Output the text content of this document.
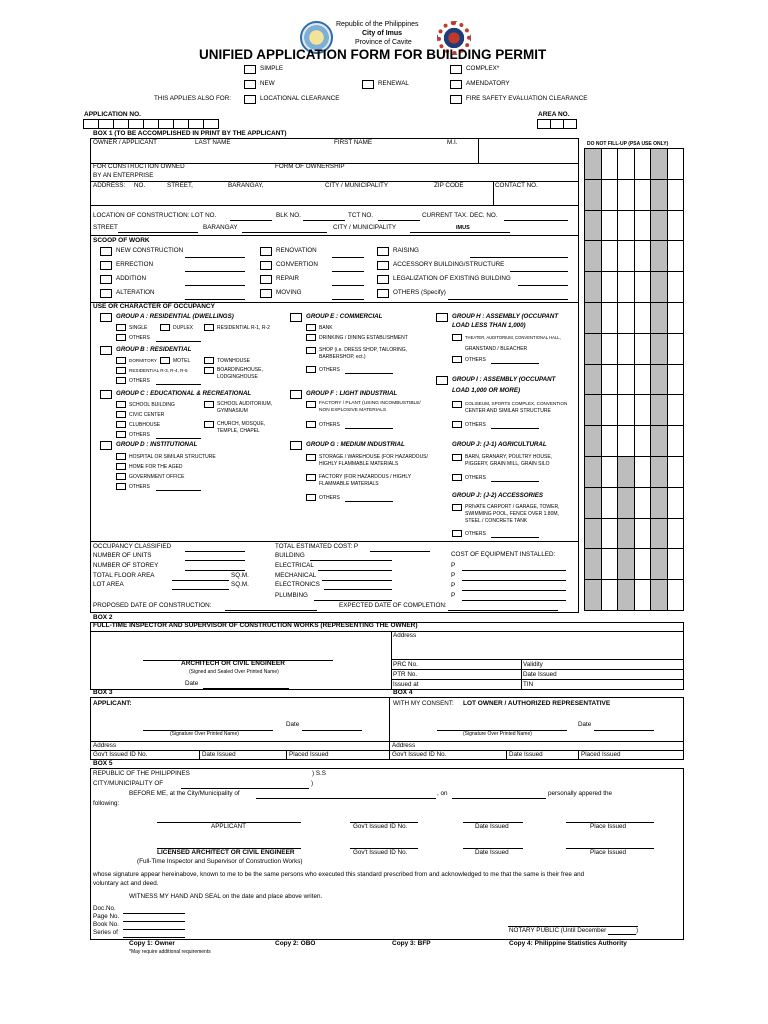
Republic of the Philippines
City of Imus
Province of Cavite
UNIFIED APPLICATION FORM FOR BUILDING PERMIT
SIMPLE	COMPLEX*
NEW	RENEWAL	AMENDATORY
THIS APPLIES ALSO FOR:	LOCATIONAL CLEARANCE	FIRE SAFETY EVALUATION CLEARANCE
APPLICATION NO.	AREA NO.
BOX 1 (TO BE ACCOMPLISHED IN PRINT BY THE APPLICANT)
OWNER / APPLICANT	LAST NAME	FIRST NAME	M.I.
FOR CONSTRUCTION OWNED
BY AN ENTERPRISE
FORM OF OWNERSHIP
ADDRESS: NO.	STREET,	BARANGAY,	CITY / MUNICIPALITY	ZIP CODE	CONTACT NO.
LOCATION OF CONSTRUCTION: LOT NO.	BLK NO.	TCT NO.	CURRENT TAX. DEC. NO.
STREET	BARANGAY	CITY / MUNICIPALITY	IMUS
SCOOP OF WORK
NEW CONSTRUCTION	RENOVATION	RAISING
ERRECTION	CONVERTION	ACCESSORY BUILDING/STRUCTURE
ADDITION	REPAIR	LEGALIZATION OF EXISTING BUILDING
ALTERATION	MOVING	OTHERS (Specify)
USE OR CHARACTER OF OCCUPANCY
GROUP A : RESIDENTIAL (DWELLINGS)
SINGLE	DUPLEX	RESIDENTIAL R-1, R-2
OTHERS
GROUP B : RESIDENTIAL
DORMITORY	MOTEL	TOWNHOUSE
RESIDENTIAL R-3, R-4, R-5	BOARDINGHOUSE,
LODGINGHOUSE
OTHERS
GROUP C : EDUCATIONAL & RECREATIONAL
SCHOOL BUILDING	SCHOOL AUDITORIUM,
GYMNASIUM
CIVIC CENTER
CLUBHOUSE	CHURCH, MOSQUE,
TEMPLE, CHAPEL
OTHERS
GROUP D : INSTITUTIONAL
HOSPITAL OR SIMILAR STRUCTURE
HOME FOR THE AGED
GOVERNMENT OFFICE
OTHERS
GROUP E : COMMERCIAL
BANK
DRINKING / DINING ESTABLISHMENT
SHOP (i.e. DRESS SHOP, TAILORING,
BARBERSHOP, ect.)
OTHERS
GROUP F : LIGHT INDUSTRIAL
FACTORY / PLANT (USING INCOMBUSTIBLE/
NON EXPLOSIVE MATERIALS
OTHERS
GROUP G : MEDIUM INDUSTRIAL
STORAGE / WAREHOUSE (FOR HAZARDOUS/
HIGHLY FLAMMABLE MATERIALS
FACTORY (FOR HAZARDOUS / HIGHLY
FLAMMABLE MATERIALS
OTHERS
GROUP H : ASSEMBLY (OCCUPANT
LOAD LESS THAN 1,000)
THEATER, AUDITORIUM, CONVENTIONAL HALL,
GRANSTAND / BLEACHER
OTHERS
GROUP I : ASSEMBLY (OCCUPANT
LOAD 1,000 OR MORE)
COLISEUM, SPORTS COMPLEX, CONVENTION
CENTER AND SIMILAR STRUCTURE
OTHERS
GROUP J: (J-1) AGRICULTURAL
BARN, GRANARY, POULTRY HOUSE,
PIGGERY, GRAIN MILL, GRAIN SILO
OTHERS
GROUP J: (J-2) ACCESSORIES
PRIVATE CARPORT / GARAGE, TOWER,
SWIMMING POOL, FENCE OVER 1.80M,
STEEL / CONCRETE TANK
OTHERS
OCCUPANCY CLASSIFIED
NUMBER OF UNITS
NUMBER OF STOREY
TOTAL FLOOR AREA	SQ.M.
LOT AREA	SQ.M.
TOTAL ESTIMATED COST: P
BUILDING
ELECTRICAL
MECHANICAL
ELECTRONICS
PLUMBING
COST OF EQUIPMENT INSTALLED:
P
P
P
P
PROPOSED DATE OF CONSTRUCTION:	EXPECTED DATE OF COMPLETION:
DO NOT FILL-UP (PSA USE ONLY)
BOX 2
FULL-TIME INSPECTOR AND SUPERVISOR OF CONSTRUCTION WORKS (REPRESENTING THE OWNER)
Address
ARCHITECH OR CIVIL ENGINEER
(Signed and Sealed Over Printed Name)
Date
PRC No.	Validity
PTR No.	Date Issued
Issued at	TIN
BOX 3	BOX 4
APPLICANT:
(Signature Over Printed Name)
Date
Address
Gov't Issued ID No.	Date Issued	Placed Issued
WITH MY CONSENT: LOT OWNER / AUTHORIZED REPRESENTATIVE
(Signature Over Printed Name)
Date
Address
Gov't Issued ID No.	Date Issued	Placed Issued
BOX 5
REPUBLIC OF THE PHILIPPINES	) S.S
CITY/MUNICIPALITY OF	)
BEFORE ME, at the City/Municipality of	, on	personally appered the
following:
APPLICANT	Gov't Issued ID No.	Date Issued	Place Issued
LICENSED ARCHITECT OR CIVIL ENGINEER	Gov't Issued ID No.	Date Issued	Place Issued
(Full-Time Inspector and Supervisor of Construction Works)
whose signature appear hereinabove, known to me to be the same persons who executed this standard prescribed from and acknowledged to me that the same is their free and
voluntary act and deed.
WITNESS MY HAND AND SEAL on the date and place above writen.
Doc.No.
Page No.
Book No.
Series of	NOTARY PUBLIC (Until December	)
Copy 1: Owner	Copy 2: OBO	Copy 3: BFP	Copy 4: Philippine Statistics Authority
*May require additional requirements
